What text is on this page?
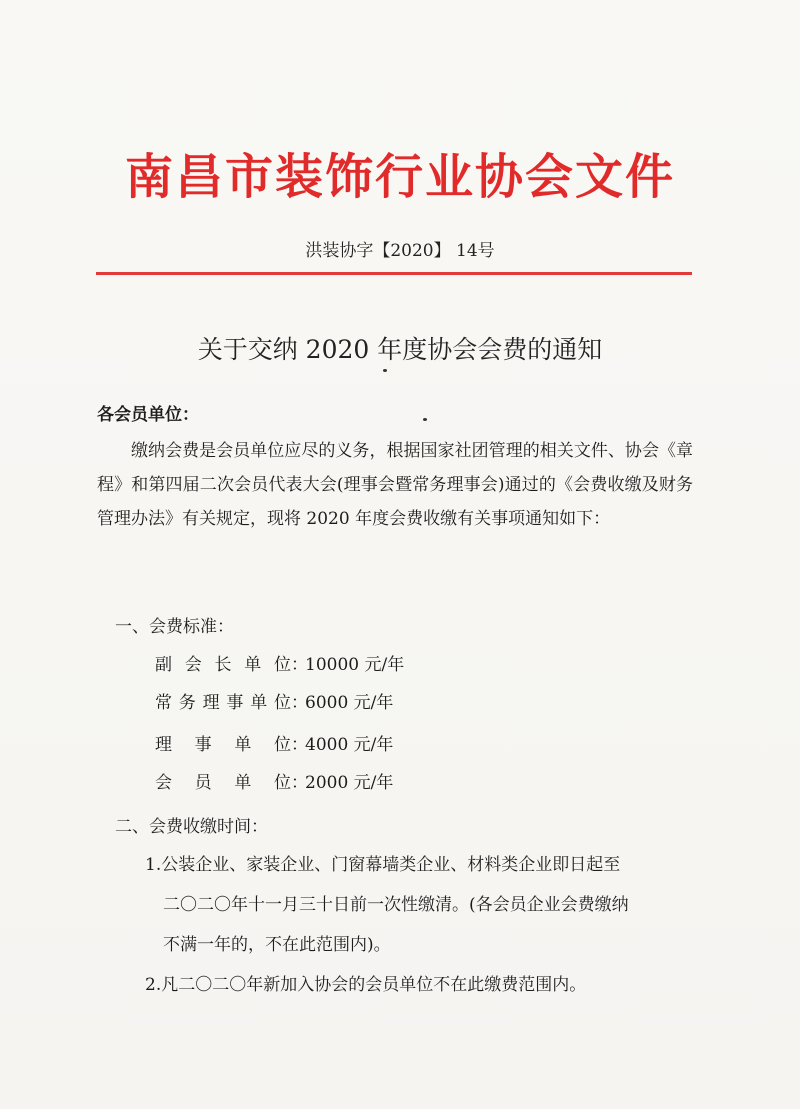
南昌市装饰行业协会文件
洪装协字【2020】 14号
关于交纳 2020 年度协会会费的通知
各会员单位：
缴纳会费是会员单位应尽的义务，根据国家社团管理的相关文件、协会《章程》和第四届二次会员代表大会(理事会暨常务理事会)通过的《会费收缴及财务管理办法》有关规定，现将 2020 年度会费收缴有关事项通知如下：
一、会费标准：
副会长单位：10000 元/年
常务理事单位：6000 元/年
理事单位：4000 元/年
会员单位：2000 元/年
二、会费收缴时间：
1.公装企业、家装企业、门窗幕墙类企业、材料类企业即日起至
二〇二〇年十一月三十日前一次性缴清。(各会员企业会费缴纳
不满一年的，不在此范围内)。
2.凡二〇二〇年新加入协会的会员单位不在此缴费范围内。
